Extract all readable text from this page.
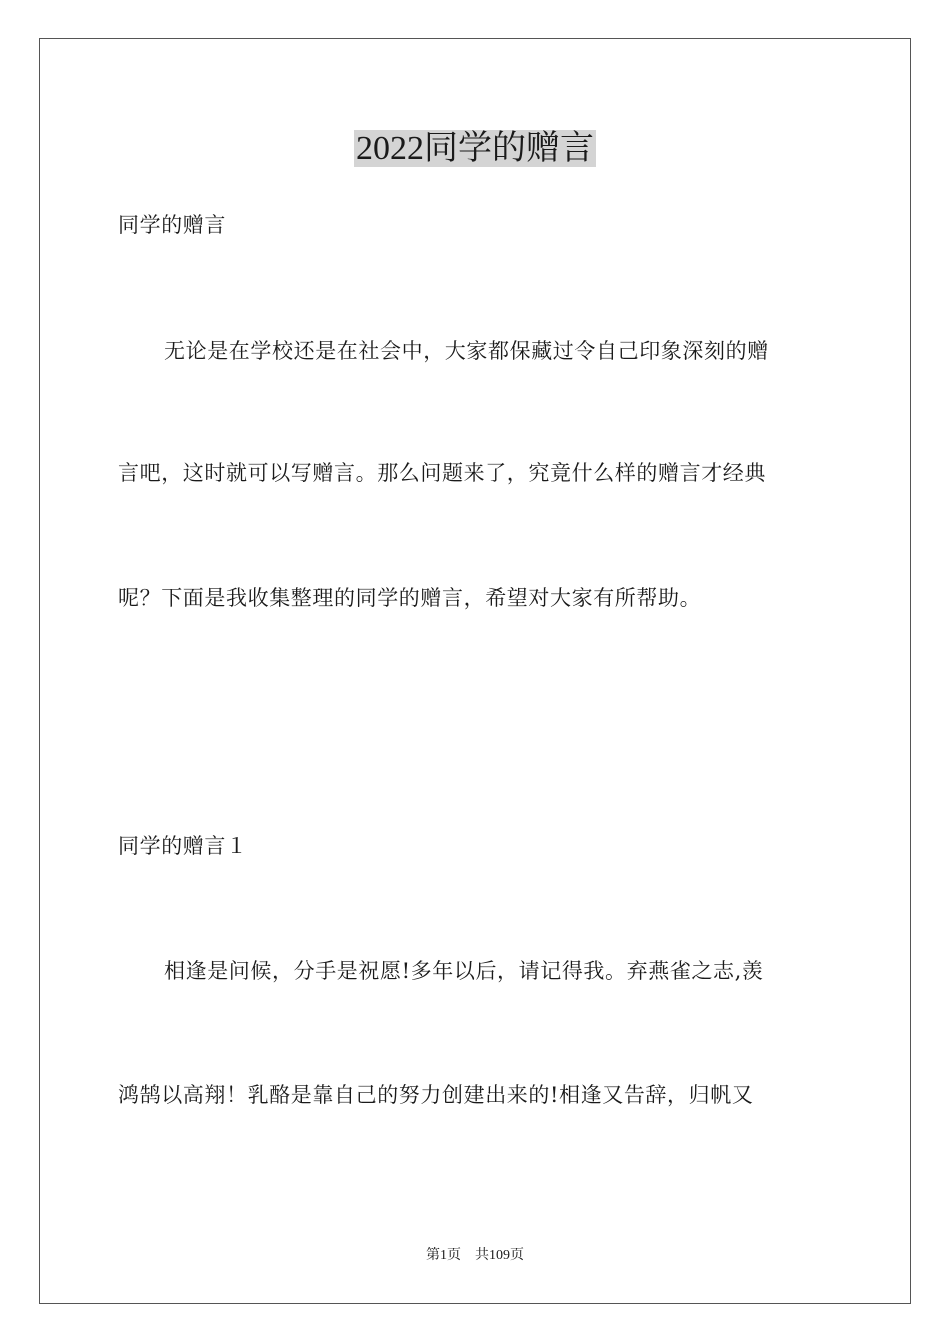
2022同学的赠言
同学的赠言
无论是在学校还是在社会中，大家都保藏过令自己印象深刻的赠
言吧，这时就可以写赠言。那么问题来了，究竟什么样的赠言才经典
呢？下面是我收集整理的同学的赠言，希望对大家有所帮助。
同学的赠言１
相逢是问候，分手是祝愿!多年以后，请记得我。弃燕雀之志,羡
鸿鹄以高翔！乳酪是靠自己的努力创建出来的!相逢又告辞，归帆又
第1页 共109页
